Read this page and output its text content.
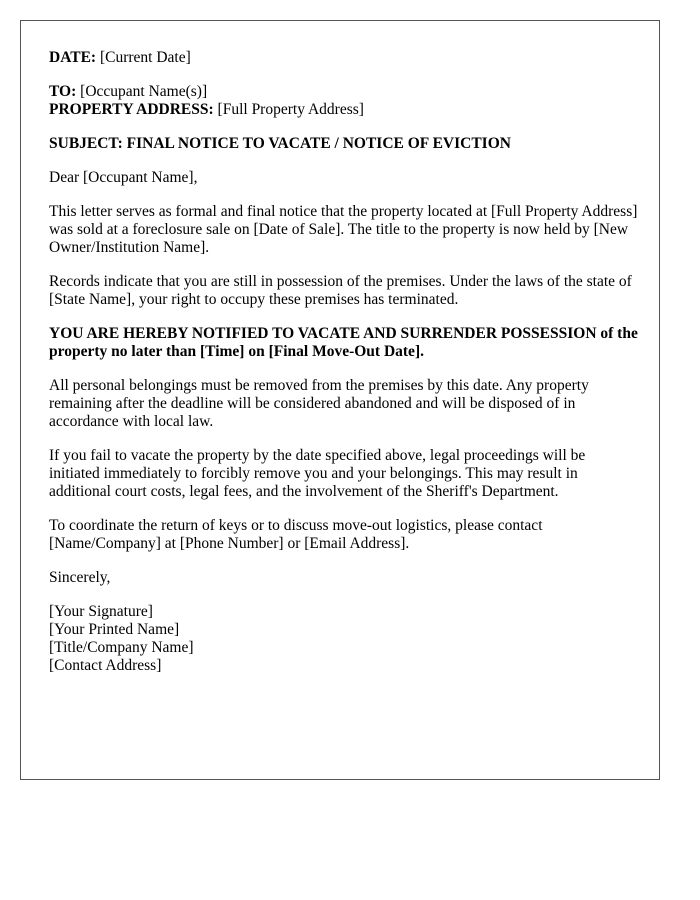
DATE: [Current Date]
TO: [Occupant Name(s)]
PROPERTY ADDRESS: [Full Property Address]

SUBJECT: FINAL NOTICE TO VACATE / NOTICE OF EVICTION

Dear [Occupant Name],

This letter serves as formal and final notice that the property located at [Full Property Address] was sold at a foreclosure sale on [Date of Sale]. The title to the property is now held by [New Owner/Institution Name].

Records indicate that you are still in possession of the premises. Under the laws of the state of [State Name], your right to occupy these premises has terminated.

YOU ARE HEREBY NOTIFIED TO VACATE AND SURRENDER POSSESSION of the property no later than [Time] on [Final Move-Out Date].

All personal belongings must be removed from the premises by this date. Any property remaining after the deadline will be considered abandoned and will be disposed of in accordance with local law.

If you fail to vacate the property by the date specified above, legal proceedings will be initiated immediately to forcibly remove you and your belongings. This may result in additional court costs, legal fees, and the involvement of the Sheriff's Department.

To coordinate the return of keys or to discuss move-out logistics, please contact [Name/Company] at [Phone Number] or [Email Address].

Sincerely,

[Your Signature]
[Your Printed Name]
[Title/Company Name]
[Contact Address]
